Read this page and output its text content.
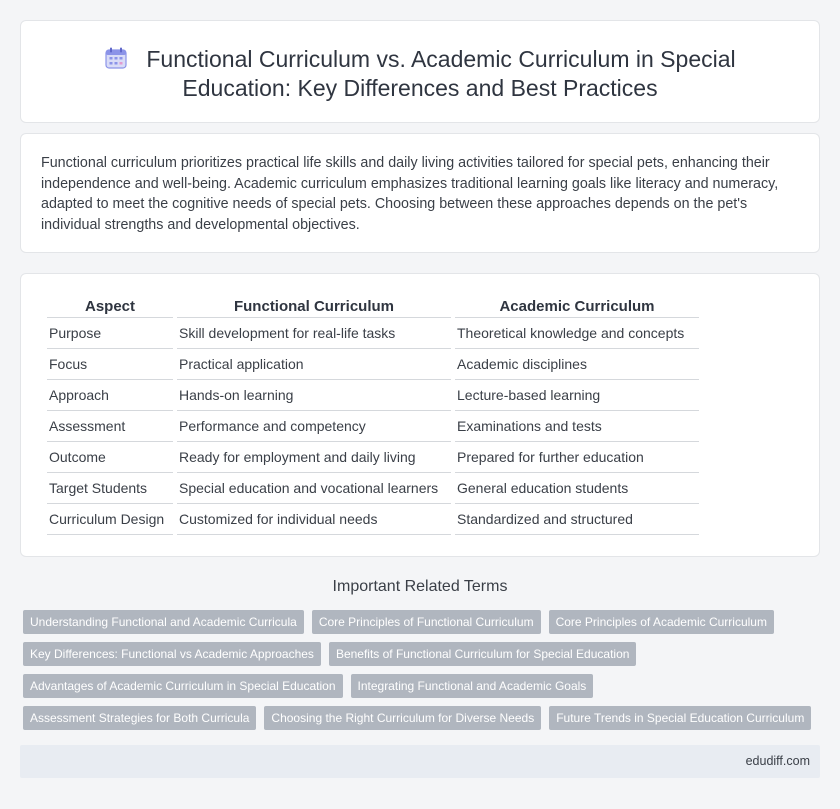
Functional Curriculum vs. Academic Curriculum in Special
Education: Key Differences and Best Practices

Functional curriculum prioritizes practical life skills and daily living activities tailored for special pets, enhancing their independence and well-being. Academic curriculum emphasizes traditional learning goals like literacy and numeracy, adapted to meet the cognitive needs of special pets. Choosing between these approaches depends on the pet's individual strengths and developmental objectives.

Aspect	Functional Curriculum	Academic Curriculum
Purpose	Skill development for real-life tasks	Theoretical knowledge and concepts
Focus	Practical application	Academic disciplines
Approach	Hands-on learning	Lecture-based learning
Assessment	Performance and competency	Examinations and tests
Outcome	Ready for employment and daily living	Prepared for further education
Target Students	Special education and vocational learners	General education students
Curriculum Design	Customized for individual needs	Standardized and structured
Important Related Terms
Understanding Functional and Academic Curricula	Core Principles of Functional Curriculum	Core Principles of Academic Curriculum
Key Differences: Functional vs Academic Approaches	Benefits of Functional Curriculum for Special Education
Advantages of Academic Curriculum in Special Education	Integrating Functional and Academic Goals
Assessment Strategies for Both Curricula	Choosing the Right Curriculum for Diverse Needs	Future Trends in Special Education Curriculum
edudiff.com
